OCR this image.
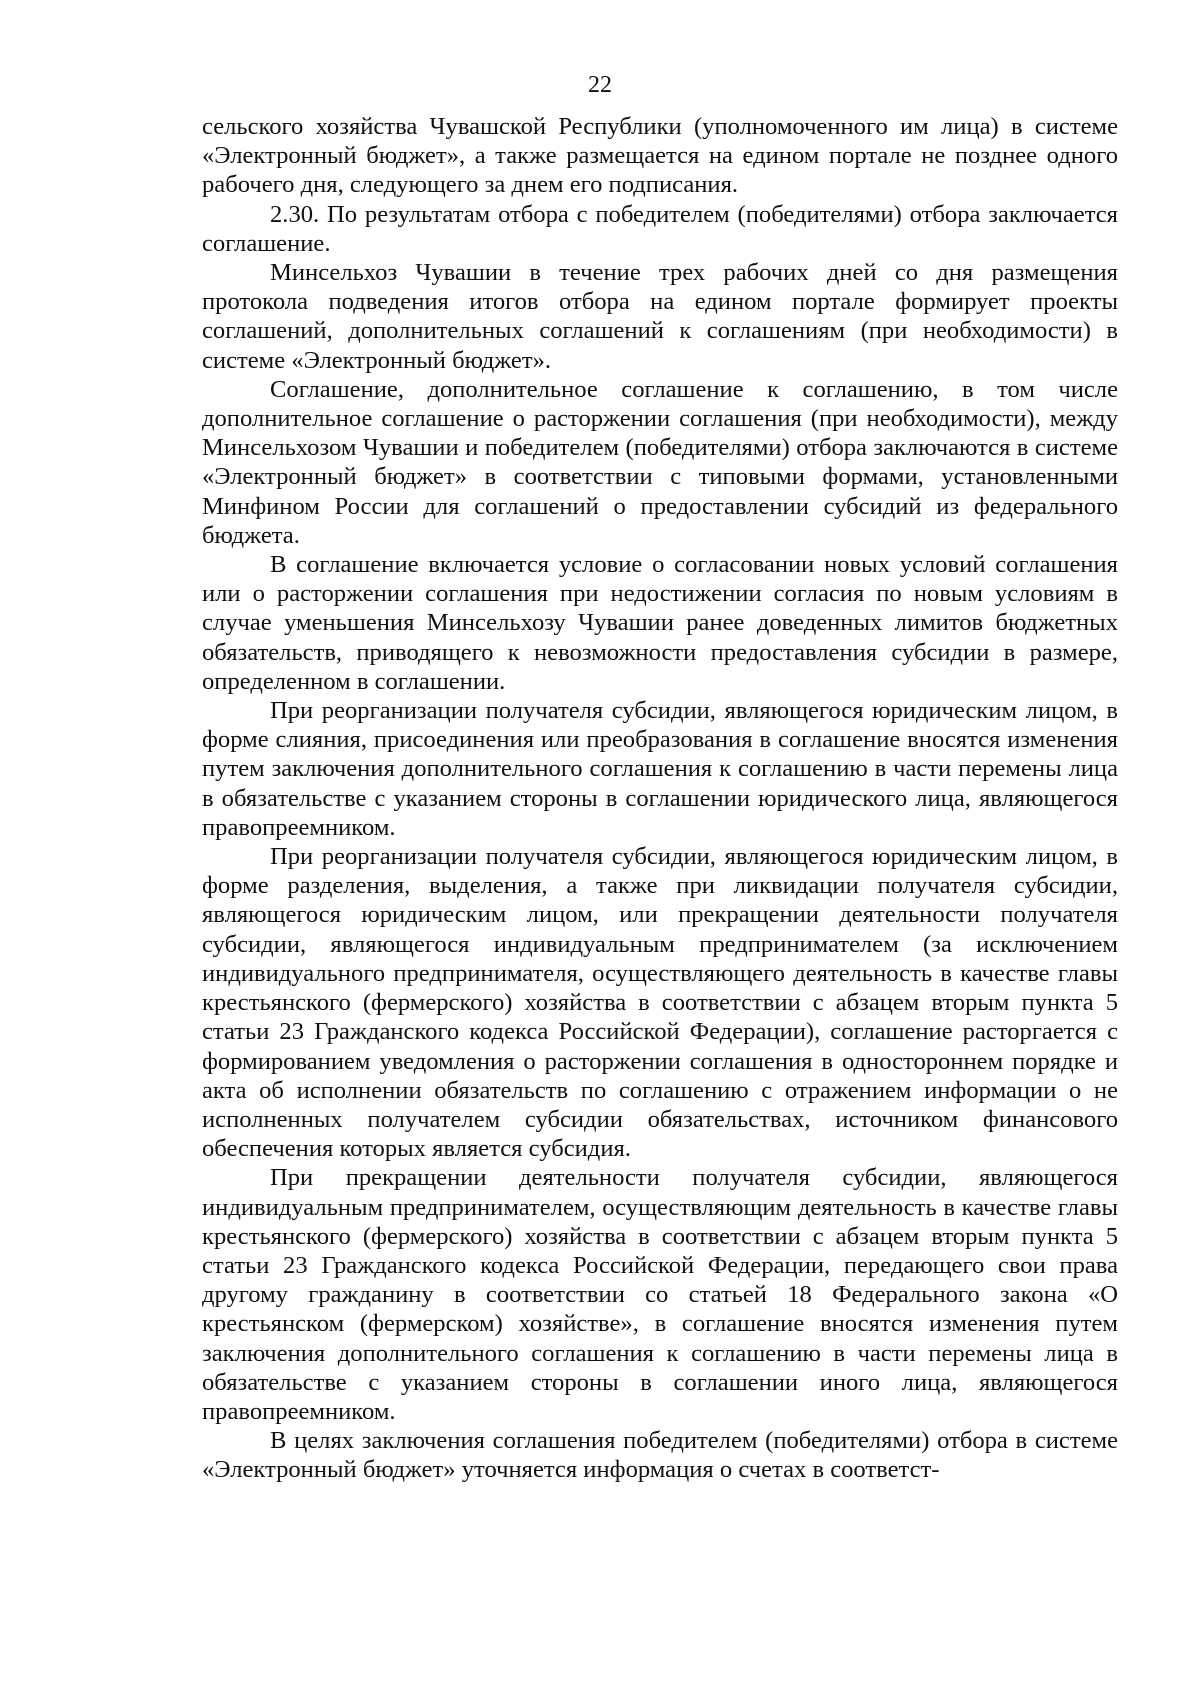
22

сельского хозяйства Чувашской Республики (уполномоченного им лица) в системе «Электронный бюджет», а также размещается на едином портале не позднее одного рабочего дня, следующего за днем его подписания.

2.30. По результатам отбора с победителем (победителями) отбора заключается соглашение.

Минсельхоз Чувашии в течение трех рабочих дней со дня размещения протокола подведения итогов отбора на едином портале формирует проекты соглашений, дополнительных соглашений к соглашениям (при необходимости) в системе «Электронный бюджет».

Соглашение, дополнительное соглашение к соглашению, в том числе дополнительное соглашение о расторжении соглашения (при необходимости), между Минсельхозом Чувашии и победителем (победителями) отбора заключаются в системе «Электронный бюджет» в соответствии с типовыми формами, установленными Минфином России для соглашений о предоставлении субсидий из федерального бюджета.

В соглашение включается условие о согласовании новых условий соглашения или о расторжении соглашения при недостижении согласия по новым условиям в случае уменьшения Минсельхозу Чувашии ранее доведенных лимитов бюджетных обязательств, приводящего к невозможности предоставления субсидии в размере, определенном в соглашении.

При реорганизации получателя субсидии, являющегося юридическим лицом, в форме слияния, присоединения или преобразования в соглашение вносятся изменения путем заключения дополнительного соглашения к соглашению в части перемены лица в обязательстве с указанием стороны в соглашении юридического лица, являющегося правопреемником.

При реорганизации получателя субсидии, являющегося юридическим лицом, в форме разделения, выделения, а также при ликвидации получателя субсидии, являющегося юридическим лицом, или прекращении деятельности получателя субсидии, являющегося индивидуальным предпринимателем (за исключением индивидуального предпринимателя, осуществляющего деятельность в качестве главы крестьянского (фермерского) хозяйства в соответствии с абзацем вторым пункта 5 статьи 23 Гражданского кодекса Российской Федерации), соглашение расторгается с формированием уведомления о расторжении соглашения в одностороннем порядке и акта об исполнении обязательств по соглашению с отражением информации о не исполненных получателем субсидии обязательствах, источником финансового обеспечения которых является субсидия.

При прекращении деятельности получателя субсидии, являющегося индивидуальным предпринимателем, осуществляющим деятельность в качестве главы крестьянского (фермерского) хозяйства в соответствии с абзацем вторым пункта 5 статьи 23 Гражданского кодекса Российской Федерации, передающего свои права другому гражданину в соответствии со статьей 18 Федерального закона «О крестьянском (фермерском) хозяйстве», в соглашение вносятся изменения путем заключения дополнительного соглашения к соглашению в части перемены лица в обязательстве с указанием стороны в соглашении иного лица, являющегося правопреемником.

В целях заключения соглашения победителем (победителями) отбора в системе «Электронный бюджет» уточняется информация о счетах в соответст-
